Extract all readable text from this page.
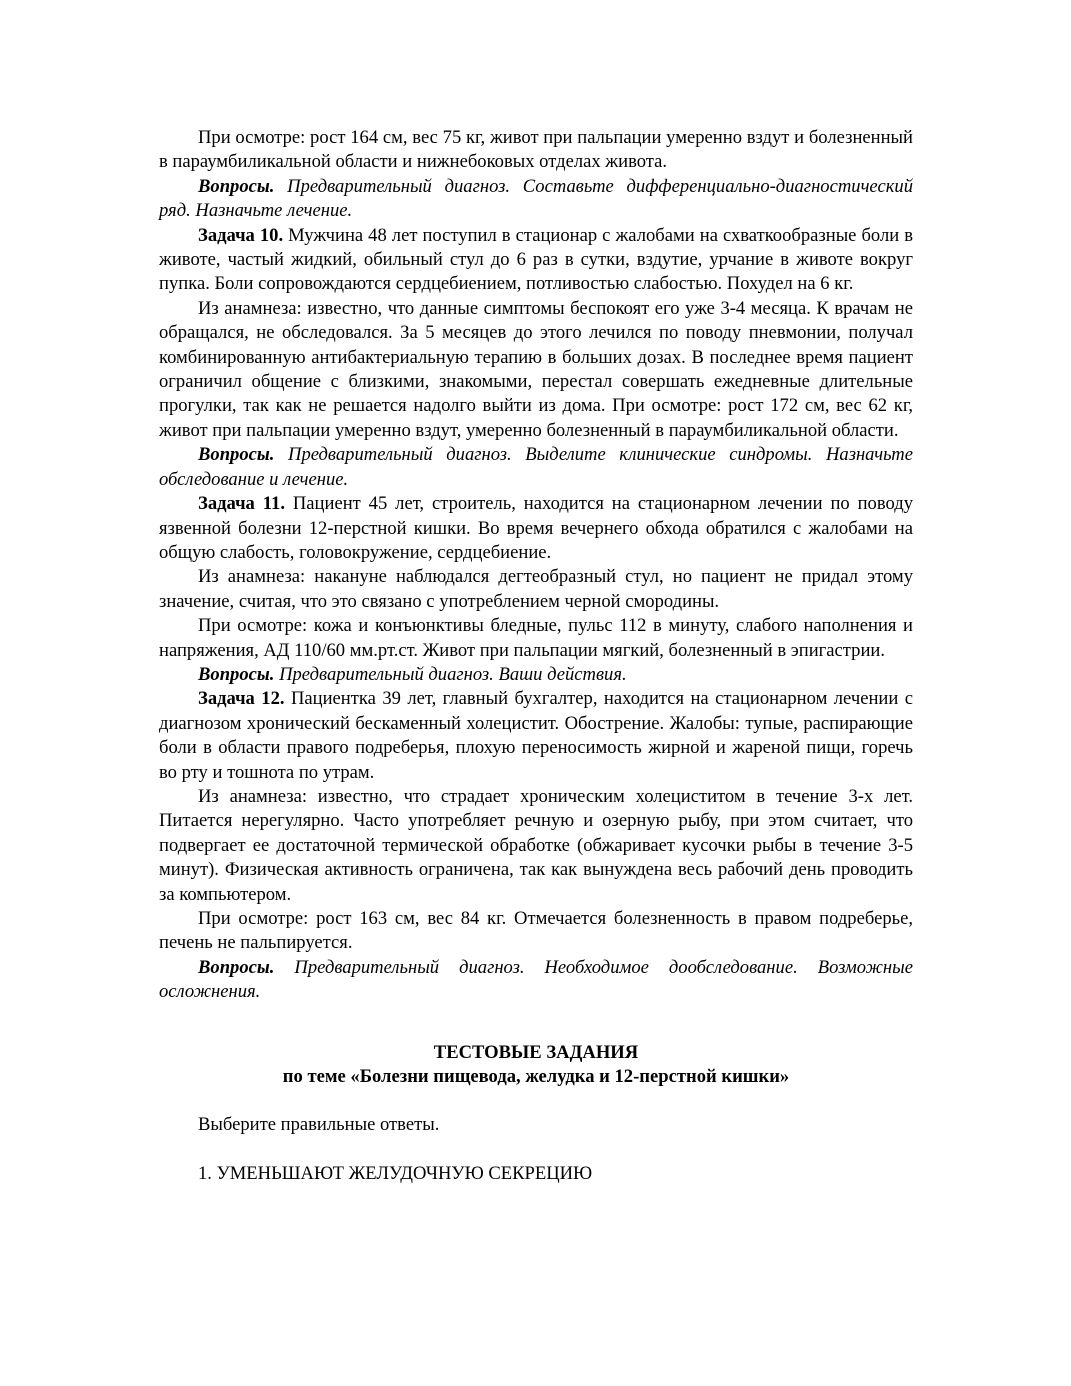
При осмотре: рост 164 см, вес 75 кг, живот при пальпации умеренно вздут и болезненный в параумбиликальной области и нижнебоковых отделах живота.

Вопросы. Предварительный диагноз. Составьте дифференциально-диагностический ряд. Назначьте лечение.

Задача 10. Мужчина 48 лет поступил в стационар с жалобами на схваткообразные боли в животе, частый жидкий, обильный стул до 6 раз в сутки, вздутие, урчание в животе вокруг пупка. Боли сопровождаются сердцебиением, потливостью слабостью. Похудел на 6 кг.

Из анамнеза: известно, что данные симптомы беспокоят его уже 3-4 месяца. К врачам не обращался, не обследовался. За 5 месяцев до этого лечился по поводу пневмонии, получал комбинированную антибактериальную терапию в больших дозах. В последнее время пациент ограничил общение с близкими, знакомыми, перестал совершать ежедневные длительные прогулки, так как не решается надолго выйти из дома. При осмотре: рост 172 см, вес 62 кг, живот при пальпации умеренно вздут, умеренно болезненный в параумбиликальной области.

Вопросы. Предварительный диагноз. Выделите клинические синдромы. Назначьте обследование и лечение.

Задача 11. Пациент 45 лет, строитель, находится на стационарном лечении по поводу язвенной болезни 12-перстной кишки. Во время вечернего обхода обратился с жалобами на общую слабость, головокружение, сердцебиение.

Из анамнеза: накануне наблюдался дегтеобразный стул, но пациент не придал этому значение, считая, что это связано с употреблением черной смородины.

При осмотре: кожа и конъюнктивы бледные, пульс 112 в минуту, слабого наполнения и напряжения, АД 110/60 мм.рт.ст. Живот при пальпации мягкий, болезненный в эпигастрии.

Вопросы. Предварительный диагноз. Ваши действия.

Задача 12. Пациентка 39 лет, главный бухгалтер, находится на стационарном лечении с диагнозом хронический бескаменный холецистит. Обострение. Жалобы: тупые, распирающие боли в области правого подреберья, плохую переносимость жирной и жареной пищи, горечь во рту и тошнота по утрам.

Из анамнеза: известно, что страдает хроническим холециститом в течение 3-х лет. Питается нерегулярно. Часто употребляет речную и озерную рыбу, при этом считает, что подвергает ее достаточной термической обработке (обжаривает кусочки рыбы в течение 3-5 минут). Физическая активность ограничена, так как вынуждена весь рабочий день проводить за компьютером.

При осмотре: рост 163 см, вес 84 кг. Отмечается болезненность в правом подреберье, печень не пальпируется.

Вопросы. Предварительный диагноз. Необходимое дообследование. Возможные осложнения.

ТЕСТОВЫЕ ЗАДАНИЯ

по теме «Болезни пищевода, желудка и 12-перстной кишки»

Выберите правильные ответы.

1. УМЕНЬШАЮТ ЖЕЛУДОЧНУЮ СЕКРЕЦИЮ
